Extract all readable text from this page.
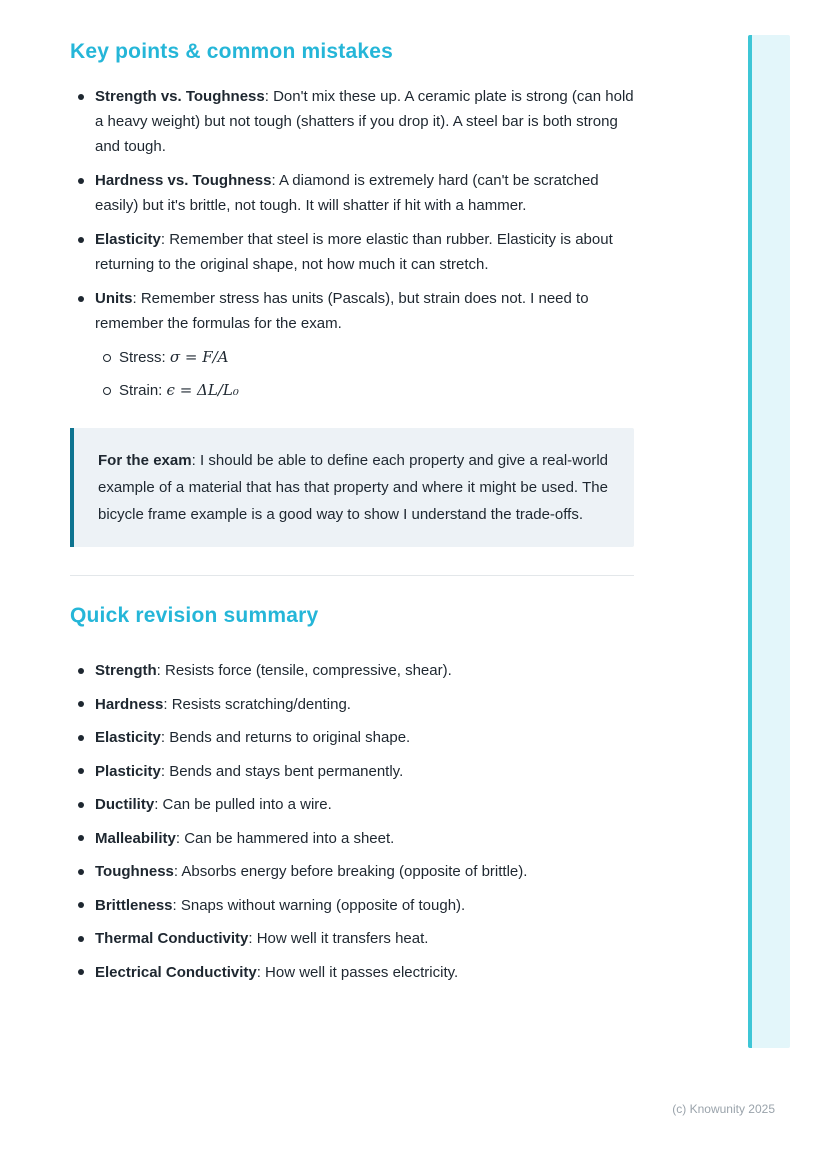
Key points & common mistakes
Strength vs. Toughness: Don't mix these up. A ceramic plate is strong (can hold a heavy weight) but not tough (shatters if you drop it). A steel bar is both strong and tough.
Hardness vs. Toughness: A diamond is extremely hard (can't be scratched easily) but it's brittle, not tough. It will shatter if hit with a hammer.
Elasticity: Remember that steel is more elastic than rubber. Elasticity is about returning to the original shape, not how much it can stretch.
Units: Remember stress has units (Pascals), but strain does not. I need to remember the formulas for the exam.
Stress: σ = F/A
Strain: ϵ = ΔL/L₀
For the exam: I should be able to define each property and give a real-world example of a material that has that property and where it might be used. The bicycle frame example is a good way to show I understand the trade-offs.
Quick revision summary
Strength: Resists force (tensile, compressive, shear).
Hardness: Resists scratching/denting.
Elasticity: Bends and returns to original shape.
Plasticity: Bends and stays bent permanently.
Ductility: Can be pulled into a wire.
Malleability: Can be hammered into a sheet.
Toughness: Absorbs energy before breaking (opposite of brittle).
Brittleness: Snaps without warning (opposite of tough).
Thermal Conductivity: How well it transfers heat.
Electrical Conductivity: How well it passes electricity.
(c) Knowunity 2025
